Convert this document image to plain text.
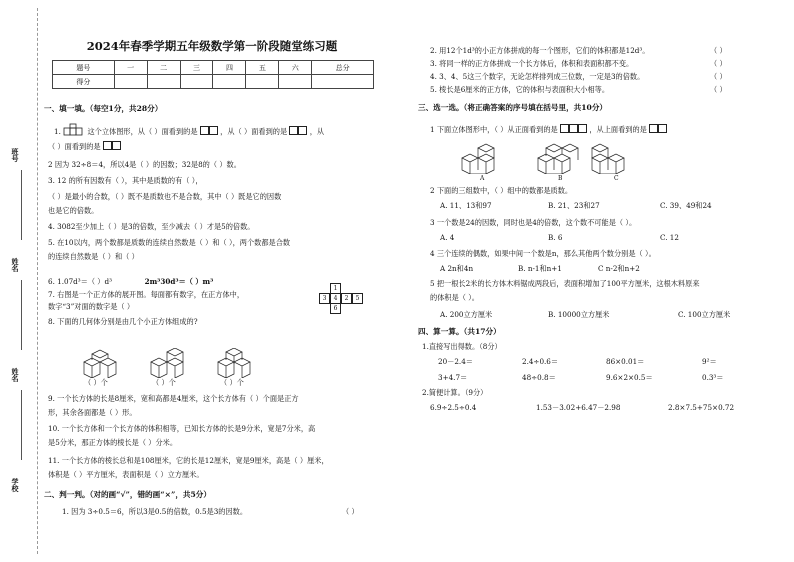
班号
姓名
姓名
学校
2024年春季学期五年级数学第一阶段随堂练习题
题号	一	二	三	四	五	六	总分
得分							
一、填一填。（每空1分，共28分）
1.	这个立体图形，从（ ）面看到的是	，从（ ）面看到的是	，从
（ ）面看到的是
2 因为 32÷8＝4，所以4是（ ）的因数；32是8的（ ）数。
3. 12 的所有因数有（ ），其中是质数的有（ ），
（ ）是最小的合数，（ ）既不是质数也不是合数，其中（ ）既是它的因数
也是它的倍数。
4. 3082至少加上（ ）是3的倍数，至少减去（ ）才是5的倍数。
5. 在10以内，两个数都是质数的连续自然数是（ ）和（ ），两个数都是合数
的连续自然数是（ ）和（ ）
6. 1.07d³＝（ ）d³	2m³30d³＝（ ）m³
7. 右图是一个正方体的展开图。每面都有数字，在正方体中，
数字“3”对面的数字是（ ）
1
3	4	2	5
6
8. 下面的几何体分别是由几个小正方体组成的?
（ ）个	（ ）个	（ ）个
9. 一个长方体的长是8厘米，宽和高都是4厘米，这个长方体有（ ）个面是正方
形，其余各面都是（ ）形。
10. 一个长方体和一个长方体的体积相等，已知长方体的长是9分米，宽是7分米，高
是5分米，那正方体的棱长是（ ）分米。
11. 一个长方体的棱长总和是108厘米，它的长是12厘米，宽是9厘米，高是（ ）厘米，
体积是（ ）平方厘米，表面积是（ ）立方厘米。
二、判一判。（对的画“√”，错的画“×”，共5分）
1. 因为 3÷0.5＝6，所以3是0.5的倍数，0.5是3的因数。	（ ）
2. 用12个1d³的小正方体拼成的每一个图形，它们的体积都是12d³。	（ ）
3. 将同一样的正方体拼成一个长方体后，体积和表面积都不变。	（ ）
4. 3、4、5这三个数字，无论怎样排列成三位数，一定是3的倍数。	（ ）
5. 棱长是6厘米的正方体，它的体积与表面积大小相等。	（ ）
三、选一选。（将正确答案的序号填在括号里，共10分）
1 下面立体图形中，（ ）从正面看到的是	，从上面看到的是
A	B	C
2 下面的三组数中，（ ）组中的数都是质数。
A. 11、13和97	B. 21、23和27	C. 39、49和24
3 一个数是24的因数，同时也是4的倍数，这个数不可能是（ ）。
A. 4	B. 6	C. 12
4 三个连续的偶数，如果中间一个数是n，那么其他两个数分别是（ ）。
A 2n和4n	B. n-1和n+1	C n-2和n+2
5 把一根长2米的长方体木料锯成两段后，表面积增加了100平方厘米，这根木料原来
的体积是（ ）。
A. 200立方厘米	B. 10000立方厘米	C. 100立方厘米
四、算一算。（共17分）
1.直接写出得数。（8分）
20－2.4＝	2.4÷0.6＝	86×0.01＝	9²＝
3+4.7＝	48÷0.8＝	9.6×2×0.5＝	0.3³＝
2.简便计算。（9分）
6.9÷2.5÷0.4	1.53－3.02+6.47－2.98	2.8×7.5+75×0.72
